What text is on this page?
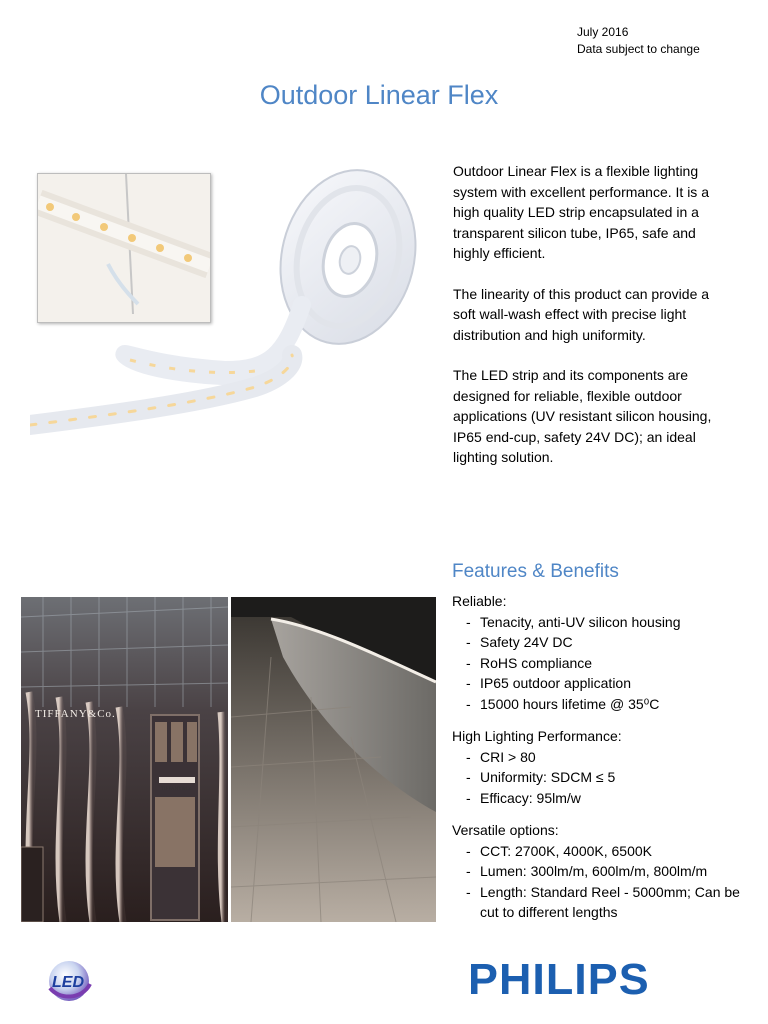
July 2016
Data subject to change
Outdoor Linear Flex

Outdoor Linear Flex is a flexible lighting system with excellent performance. It is a high quality LED strip encapsulated in a transparent silicon tube, IP65, safe and highly efficient.

The linearity of this product can provide a soft wall-wash effect with precise light distribution and high uniformity.

The LED strip and its components are designed for reliable, flexible outdoor applications (UV resistant silicon housing, IP65 end-cup, safety 24V DC); an ideal lighting solution.

TIFFANY&Co.
TIFFANY&Co.
Features & Benefits
Reliable:
- Tenacity, anti-UV silicon housing
- Safety 24V DC
- RoHS compliance
- IP65 outdoor application
- 15000 hours lifetime @ 35⁰C
High Lighting Performance:
- CRI > 80
- Uniformity: SDCM ≤ 5
- Efficacy: 95lm/w
Versatile options:
- CCT: 2700K, 4000K, 6500K
- Lumen: 300lm/m, 600lm/m, 800lm/m
- Length: Standard Reel - 5000mm; Can be cut to different lengths
LED	PHILIPS
